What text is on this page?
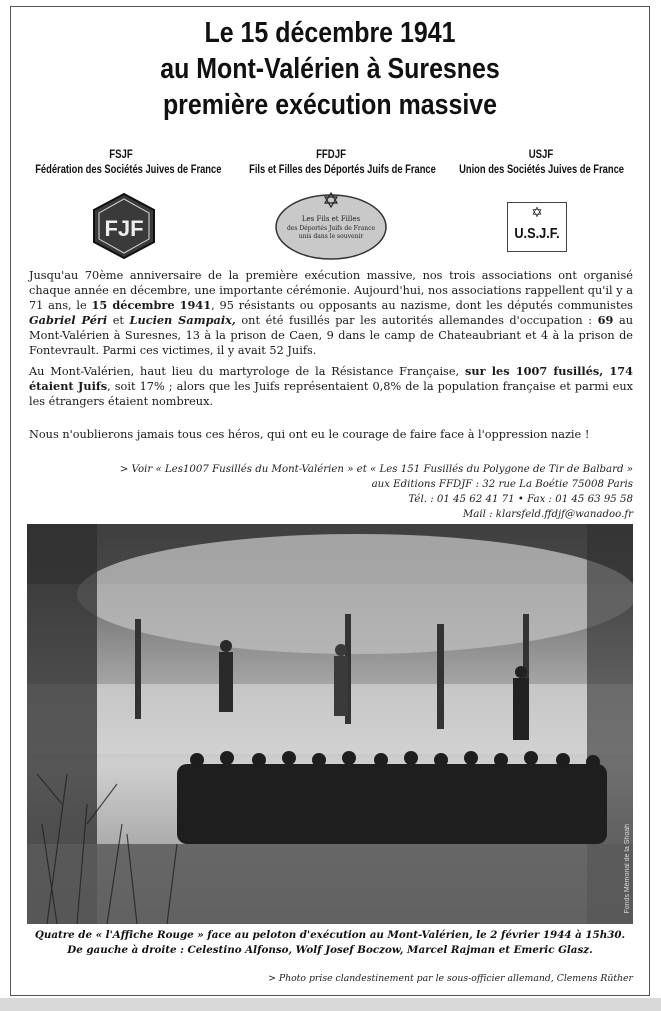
Le 15 décembre 1941
au Mont-Valérien à Suresnes
première exécution massive
FSJF
Fédération des Sociétés Juives de France
FJF
FFDJF
Fils et Filles des Déportés Juifs de France
Les Fils et Filles
des Déportés Juifs de France
unis dans le souvenir
USJF
Union des Sociétés Juives de France
✡
U.S.J.F.
Jusqu'au 70ème anniversaire de la première exécution massive, nos trois associations ont organisé chaque année en décembre, une importante cérémonie. Aujourd'hui, nos associations rappellent qu'il y a 71 ans, le 15 décembre 1941, 95 résistants ou opposants au nazisme, dont les députés communistes Gabriel Péri et Lucien Sampaix, ont été fusillés par les autorités allemandes d'occupation : 69 au Mont-Valérien à Suresnes, 13 à la prison de Caen, 9 dans le camp de Chateaubriant et 4 à la prison de Fontevrault. Parmi ces victimes, il y avait 52 Juifs.
Au Mont-Valérien, haut lieu du martyrologe de la Résistance Française, sur les 1007 fusillés, 174 étaient Juifs, soit 17% ; alors que les Juifs représentaient 0,8% de la population française et parmi eux les étrangers étaient nombreux.
Nous n'oublierons jamais tous ces héros, qui ont eu le courage de faire face à l'oppression nazie !
> Voir « Les1007 Fusillés du Mont-Valérien » et « Les 151 Fusillés du Polygone de Tir de Balbard »
aux Editions FFDJF : 32 rue La Boétie 75008 Paris
Tél. : 01 45 62 41 71 • Fax : 01 45 63 95 58
Mail : klarsfeld.ffdjf@wanadoo.fr
Fonds Mémorial de la Shoah
Quatre de « l'Affiche Rouge » face au peloton d'exécution au Mont-Valérien, le 2 février 1944 à 15h30.
De gauche à droite : Celestino Alfonso, Wolf Josef Boczow, Marcel Rajman et Emeric Glasz.
> Photo prise clandestinement par le sous-officier allemand, Clemens Rüther
